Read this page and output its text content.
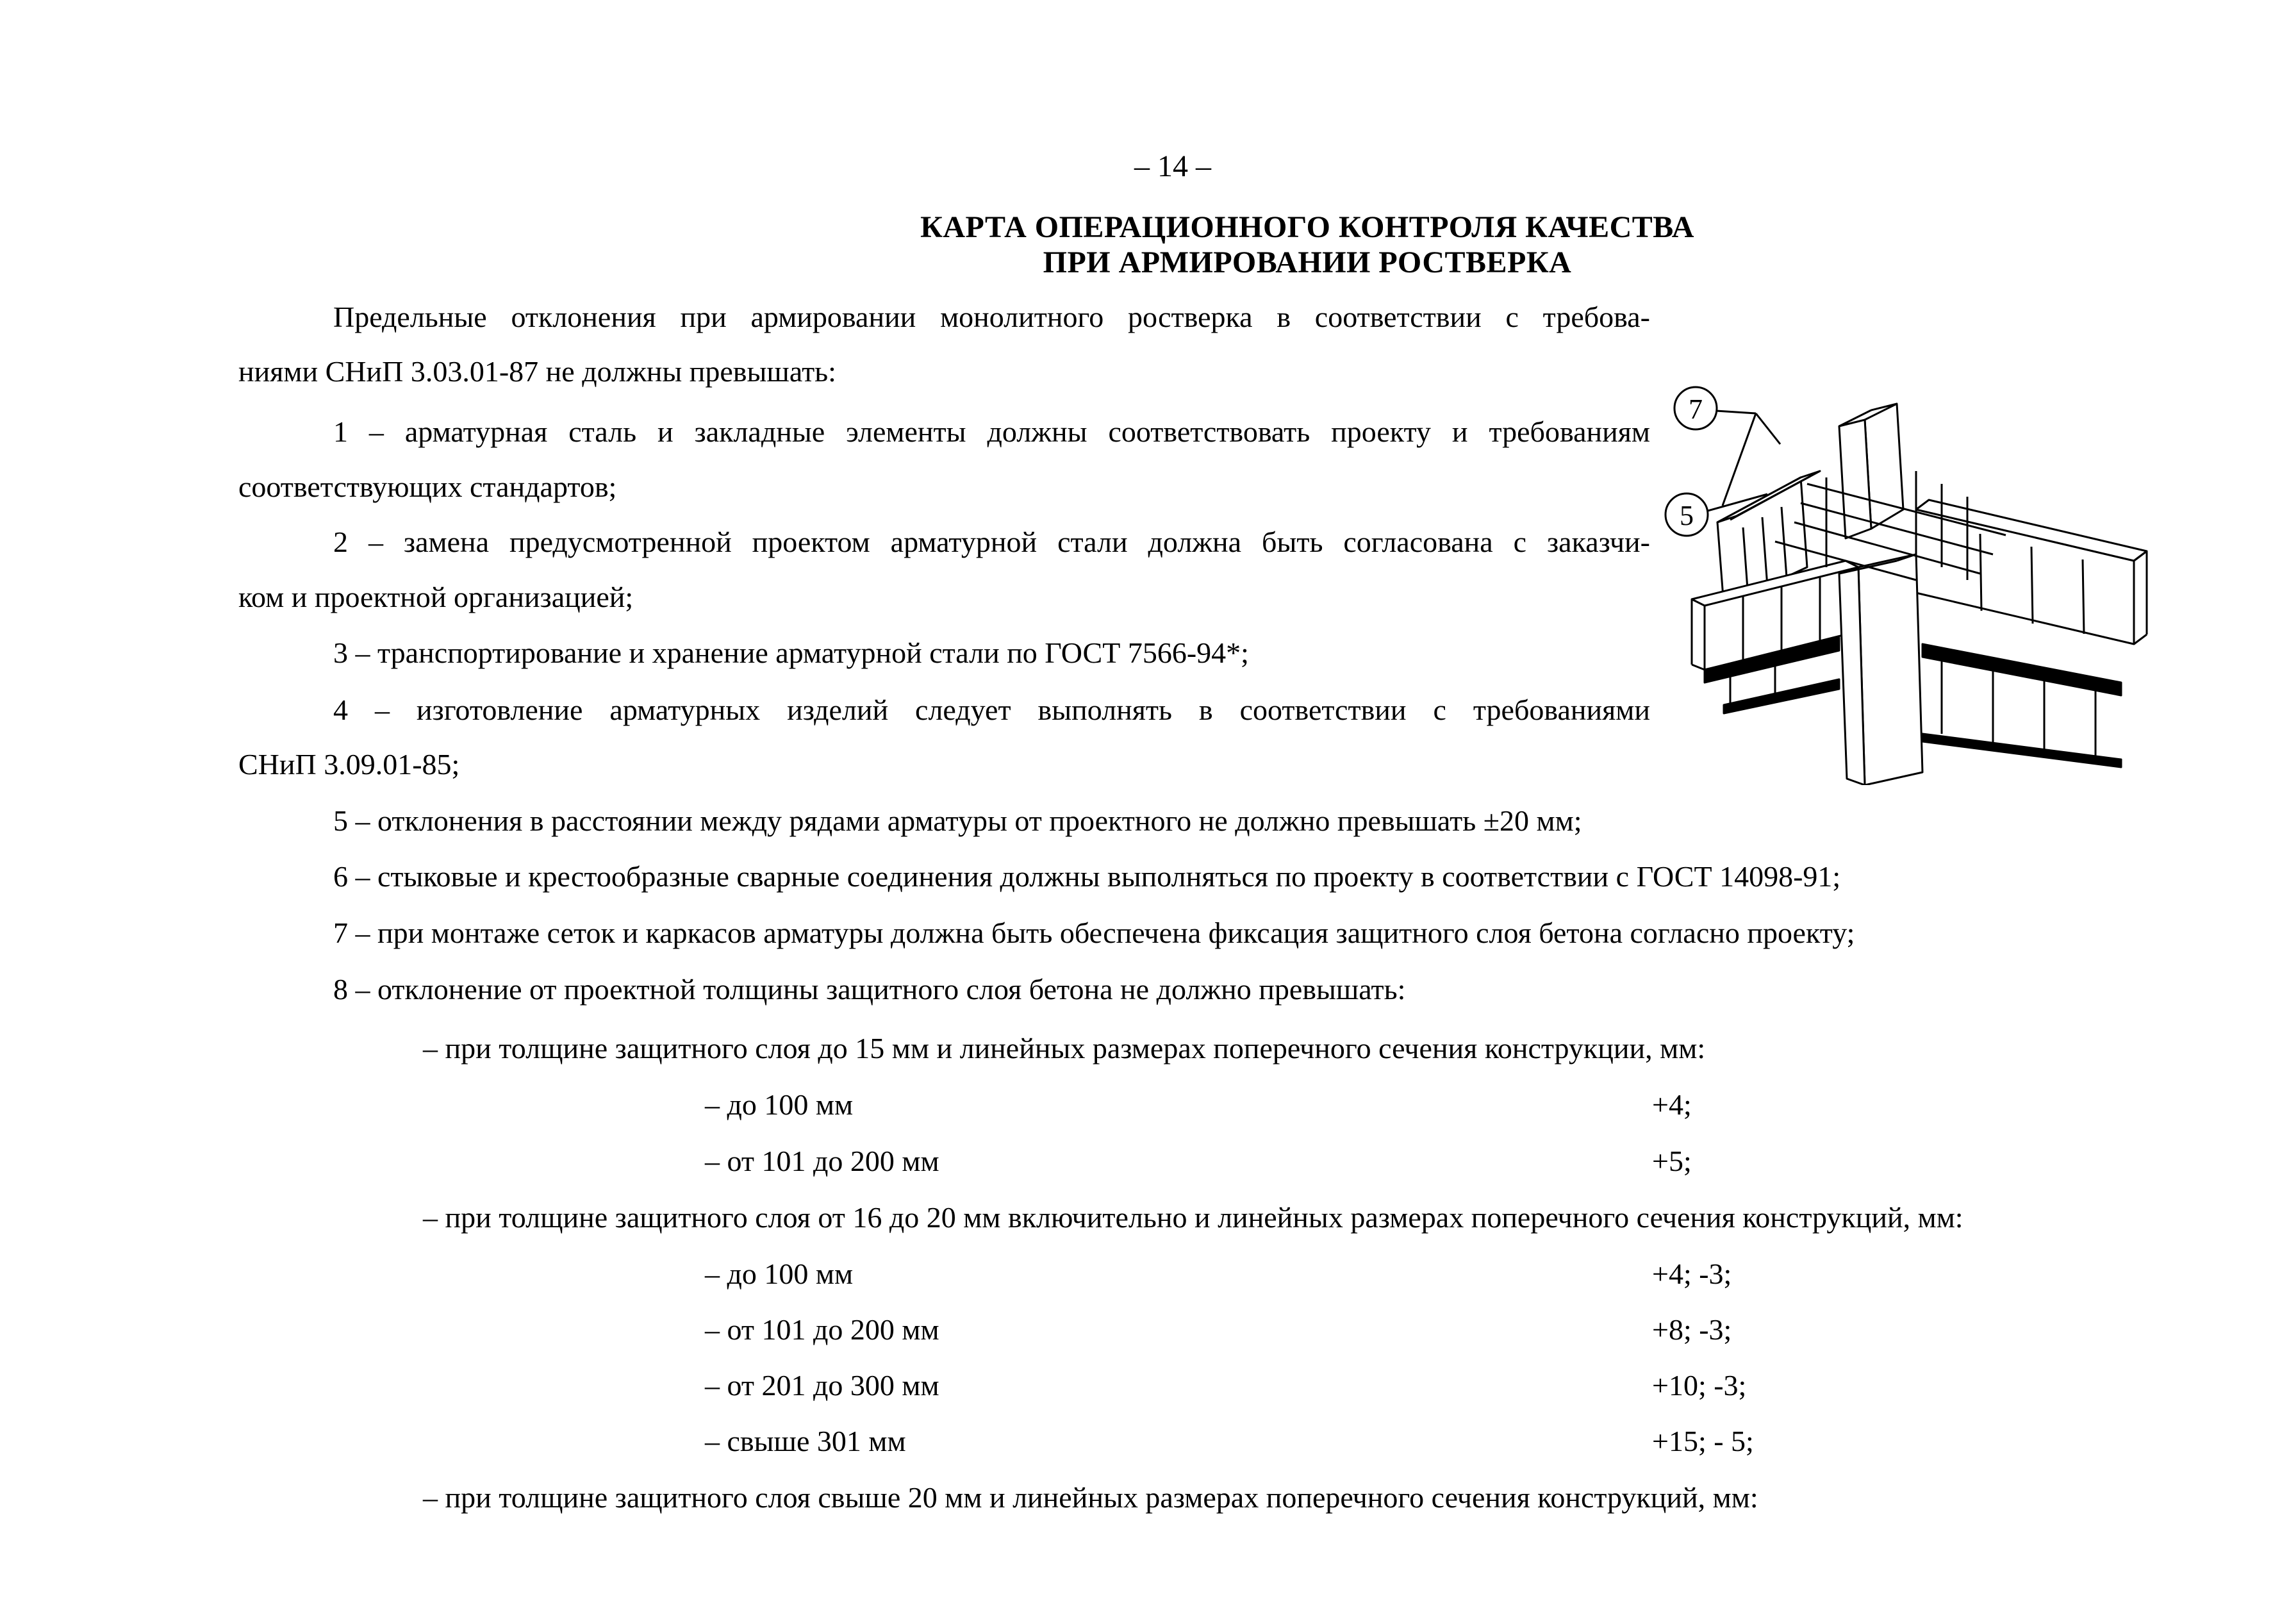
– 14 –
КАРТА ОПЕРАЦИОННОГО КОНТРОЛЯ КАЧЕСТВА
ПРИ АРМИРОВАНИИ РОСТВЕРКА
Предельные отклонения при армировании монолитного ростверка в соответствии с требова-
ниями СНиП 3.03.01-87 не должны превышать:
1 – арматурная сталь и закладные элементы должны соответствовать проекту и требованиям
соответствующих стандартов;
2 – замена предусмотренной проектом арматурной стали должна быть согласована с заказчи-
ком и проектной организацией;
3 – транспортирование и хранение арматурной стали по ГОСТ 7566-94*;
4 – изготовление арматурных изделий следует выполнять в соответствии с требованиями
СНиП 3.09.01-85;
5 – отклонения в расстоянии между рядами арматуры от проектного не должно превышать ±20 мм;
6 – стыковые и крестообразные сварные соединения должны выполняться по проекту в соответствии с ГОСТ 14098-91;
7 – при монтаже сеток и каркасов арматуры должна быть обеспечена фиксация защитного слоя бетона согласно проекту;
8 – отклонение от проектной толщины защитного слоя бетона не должно превышать:
– при толщине защитного слоя до 15 мм и линейных размерах поперечного сечения конструкции, мм:
– до 100 мм	+4;
– от 101 до 200 мм	+5;
– при толщине защитного слоя от 16 до 20 мм включительно и линейных размерах поперечного сечения конструкций, мм:
– до 100 мм	+4; -3;
– от 101 до 200 мм	+8; -3;
– от 201 до 300 мм	+10; -3;
– свыше 301 мм	+15; - 5;
– при толщине защитного слоя свыше 20 мм и линейных размерах поперечного сечения конструкций, мм:
7
5
